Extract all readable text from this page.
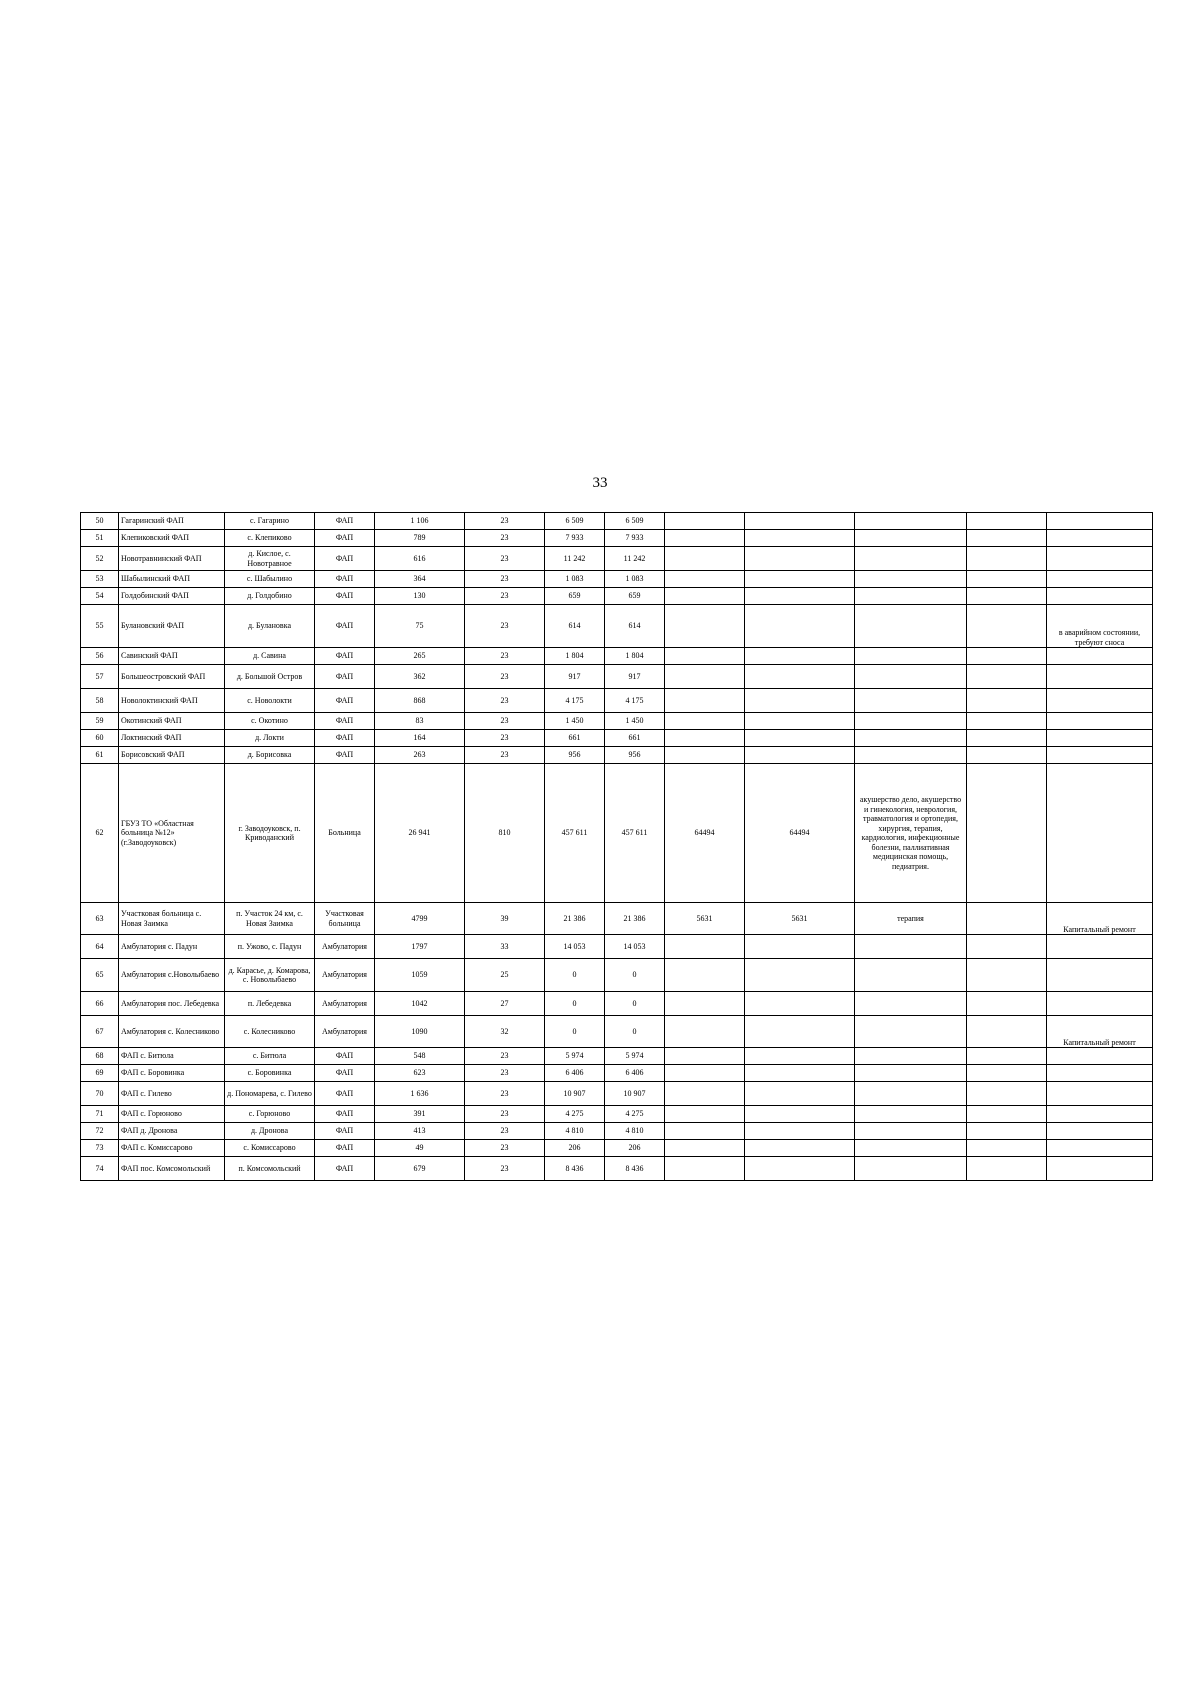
33
50	Гагаринский ФАП	с. Гагарино	ФАП	1 106	23	6 509	6 509					
51	Клепиковский ФАП	с. Клепиково	ФАП	789	23	7 933	7 933					
52	Новотравнинский ФАП	д. Кислое, с. Новотравное	ФАП	616	23	11 242	11 242					
53	Шабылинский ФАП	с. Шабылино	ФАП	364	23	1 083	1 083					
54	Голдобинский ФАП	д. Голдобино	ФАП	130	23	659	659					
55	Булановский ФАП	д. Булановка	ФАП	75	23	614	614					в аварийном состоянии, требуют сноса
56	Савинский ФАП	д. Савина	ФАП	265	23	1 804	1 804					
57	Большеостровский ФАП	д. Большой Остров	ФАП	362	23	917	917					
58	Новолоктинский ФАП	с. Новолокти	ФАП	868	23	4 175	4 175					
59	Окотинский ФАП	с. Окотино	ФАП	83	23	1 450	1 450					
60	Локтинский ФАП	д. Локти	ФАП	164	23	661	661					
61	Борисовский ФАП	д. Борисовка	ФАП	263	23	956	956					
62	ГБУЗ ТО «Областная больница №12» (г.Заводоуковск)	г. Заводоуковск, п. Криводанский	Больница	26 941	810	457 611	457 611	64494	64494	акушерство дело, акушерство и гинекология, неврология, травматология и ортопедия, хирургия, терапия, кардиология, инфекционные болезни, паллиативная медицинская помощь, педиатрия.		
63	Участковая больница с. Новая Заимка	п. Участок 24 км, с. Новая Заимка	Участковая больница	4799	39	21 386	21 386	5631	5631	терапия		Капитальный ремонт
64	Амбулатория с. Падун	п. Ужово, с. Падун	Амбулатория	1797	33	14 053	14 053					
65	Амбулатория с.Новолыбаево	д. Карасье, д. Комарова, с. Новолыбаево	Амбулатория	1059	25	0	0					
66	Амбулатория пос. Лебедевка	п. Лебедевка	Амбулатория	1042	27	0	0					
67	Амбулатория с. Колесниково	с. Колесниково	Амбулатория	1090	32	0	0					Капитальный ремонт
68	ФАП с. Битюла	с. Битюла	ФАП	548	23	5 974	5 974					
69	ФАП с. Боровинка	с. Боровинка	ФАП	623	23	6 406	6 406					
70	ФАП с. Гилево	д. Пономарева, с. Гилево	ФАП	1 636	23	10 907	10 907					
71	ФАП с. Горюново	с. Горюново	ФАП	391	23	4 275	4 275					
72	ФАП д. Дронова	д. Дронова	ФАП	413	23	4 810	4 810					
73	ФАП с. Комиссарово	с. Комиссарово	ФАП	49	23	206	206					
74	ФАП пос. Комсомольский	п. Комсомольский	ФАП	679	23	8 436	8 436					
